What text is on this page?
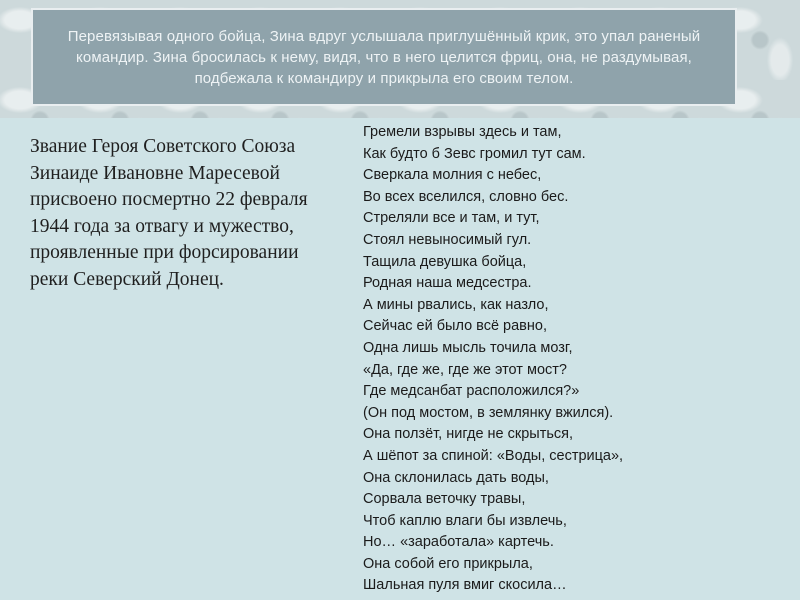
Перевязывая одного бойца, Зина вдруг услышала приглушённый крик, это упал раненый командир. Зина бросилась к нему, видя, что в него целится фриц, она, не раздумывая, подбежала к командиру и прикрыла его своим телом.

Звание Героя Советского Союза Зинаиде Ивановне Маресевой присвоено посмертно 22 февраля 1944 года за отвагу и мужество, проявленные при форсировании реки Северский Донец.

Гремели взрывы здесь и там,
Как будто б Зевс громил тут сам.
Сверкала молния с небес,
Во всех вселился, словно бес.
Стреляли все и там, и тут,
Стоял невыносимый гул.
Тащила девушка бойца,
Родная наша медсестра.
А мины рвались, как назло,
Сейчас ей было всё равно,
Одна лишь мысль точила мозг,
«Да, где же, где же этот мост?
Где медсанбат расположился?»
(Он под мостом, в землянку вжился).
Она ползёт, нигде не скрыться,
А шёпот за спиной: «Воды, сестрица»,
Она склонилась дать воды,
Сорвала веточку травы,
Чтоб каплю влаги бы извлечь,
Но… «заработала» картечь.
Она собой его прикрыла,
Шальная пуля вмиг скосила…
